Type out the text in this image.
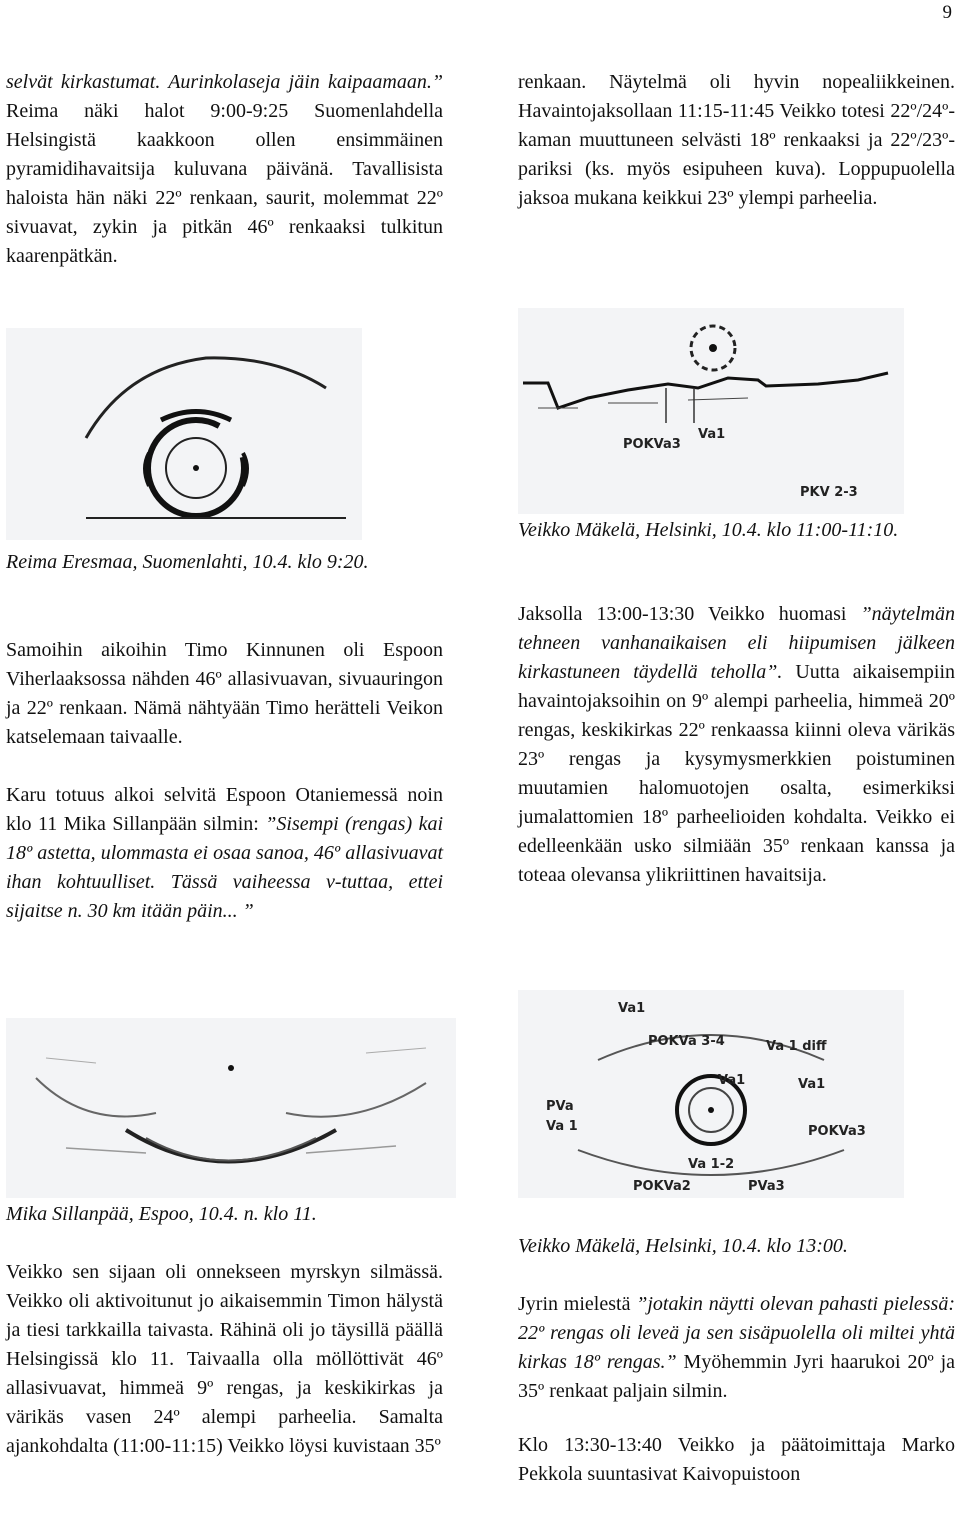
9

selvät kirkastumat. Aurinkolaseja jäin kaipaamaan.” Reima näki halot 9:00-9:25 Suomenlahdella Helsingistä kaakkoon ollen ensimmäinen pyramidihavaitsija kuluvana päivänä. Tavallisista haloista hän näki 22º renkaan, saurit, molemmat 22º sivuavat, zykin ja pitkän 46º renkaaksi tulkitun kaarenpätkän.

renkaan. Näytelmä oli hyvin nopealiikkeinen. Havaintojaksollaan 11:15-11:45 Veikko totesi 22º/24º-kaman muuttuneen selvästi 18º renkaaksi ja 22º/23º-pariksi (ks. myös esipuheen kuva). Loppupuolella jaksoa mukana keikkui 23º ylempi parheelia.

POKVa3
Va1
PKV 2-3

Reima Eresmaa, Suomenlahti, 10.4. klo 9:20.

Veikko Mäkelä, Helsinki, 10.4. klo 11:00-11:10.

Samoihin aikoihin Timo Kinnunen oli Espoon Viherlaaksossa nähden 46º allasivuavan, sivuauringon ja 22º renkaan. Nämä nähtyään Timo herätteli Veikon katselemaan taivaalle.

Karu totuus alkoi selvitä Espoon Otaniemessä noin klo 11 Mika Sillanpään silmin: ”Sisempi (rengas) kai 18º astetta, ulommasta ei osaa sanoa, 46º allasivuavat ihan kohtuulliset. Tässä vaiheessa v-tuttaa, ettei sijaitse n. 30 km itään päin... ”

Jaksolla 13:00-13:30 Veikko huomasi ”näytelmän tehneen vanhanaikaisen eli hiipumisen jälkeen kirkastuneen täydellä teholla”. Uutta aikaisempiin havaintojaksoihin on 9º alempi parheelia, himmeä 20º rengas, keskikirkas 22º renkaassa kiinni oleva värikäs 23º rengas ja kysymysmerkkien poistuminen muutamien halomuotojen osalta, esimerkiksi jumalattomien 18º parheelioiden kohdalta. Veikko ei edelleenkään usko silmiään 35º renkaan kanssa ja toteaa olevansa ylikriittinen havaitsija.

Va1
POKVa 3-4	Va 1 diff
Va1	Va1
PVa
Va 1
Va 1-2
POKVa3
POKVa2	PVa3

Mika Sillanpää, Espoo, 10.4. n. klo 11.

Veikko Mäkelä, Helsinki, 10.4. klo 13:00.

Veikko sen sijaan oli onnekseen myrskyn silmässä. Veikko oli aktivoitunut jo aikaisemmin Timon hälystä ja tiesi tarkkailla taivasta. Rähinä oli jo täysillä päällä Helsingissä klo 11. Taivaalla olla möllöttivät 46º allasivuavat, himmeä 9º rengas, ja keskikirkas ja värikäs vasen 24º alempi parheelia. Samalta ajankohdalta (11:00-11:15) Veikko löysi kuvistaan 35º

Jyrin mielestä ”jotakin näytti olevan pahasti pielessä: 22º rengas oli leveä ja sen sisäpuolella oli miltei yhtä kirkas 18º rengas.” Myöhemmin Jyri haarukoi 20º ja 35º renkaat paljain silmin.

Klo 13:30-13:40 Veikko ja päätoimittaja Marko Pekkola suuntasivat Kaivopuistoon
